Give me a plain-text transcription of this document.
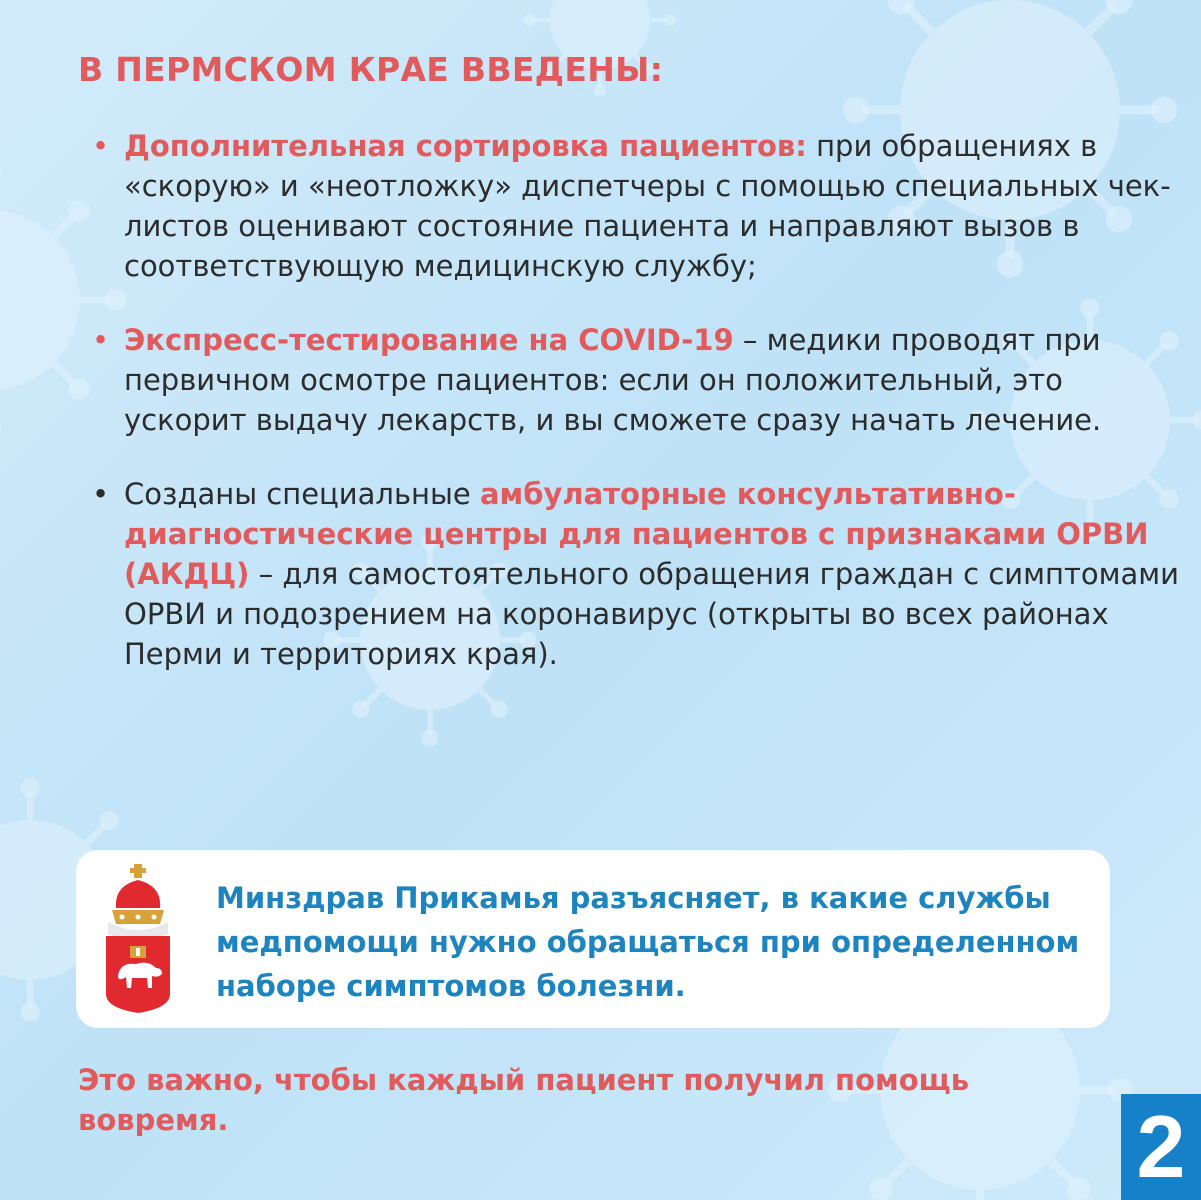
В ПЕРМСКОМ КРАЕ ВВЕДЕНЫ:
• Дополнительная сортировка пациентов: при обращениях в «скорую» и «неотложку» диспетчеры с помощью специальных чек-листов оценивают состояние пациента и направляют вызов в соответствующую медицинскую службу;
• Экспресс-тестирование на COVID-19 – медики проводят при первичном осмотре пациентов: если он положительный, это ускорит выдачу лекарств, и вы сможете сразу начать лечение.
• Созданы специальные амбулаторные консультативно-диагностические центры для пациентов с признаками ОРВИ (АКДЦ) – для самостоятельного обращения граждан с симптомами ОРВИ и подозрением на коронавирус (открыты во всех районах Перми и территориях края).

Минздрав Прикамья разъясняет, в какие службы медпомощи нужно обращаться при определенном наборе симптомов болезни.

Это важно, чтобы каждый пациент получил помощь вовремя.	2
